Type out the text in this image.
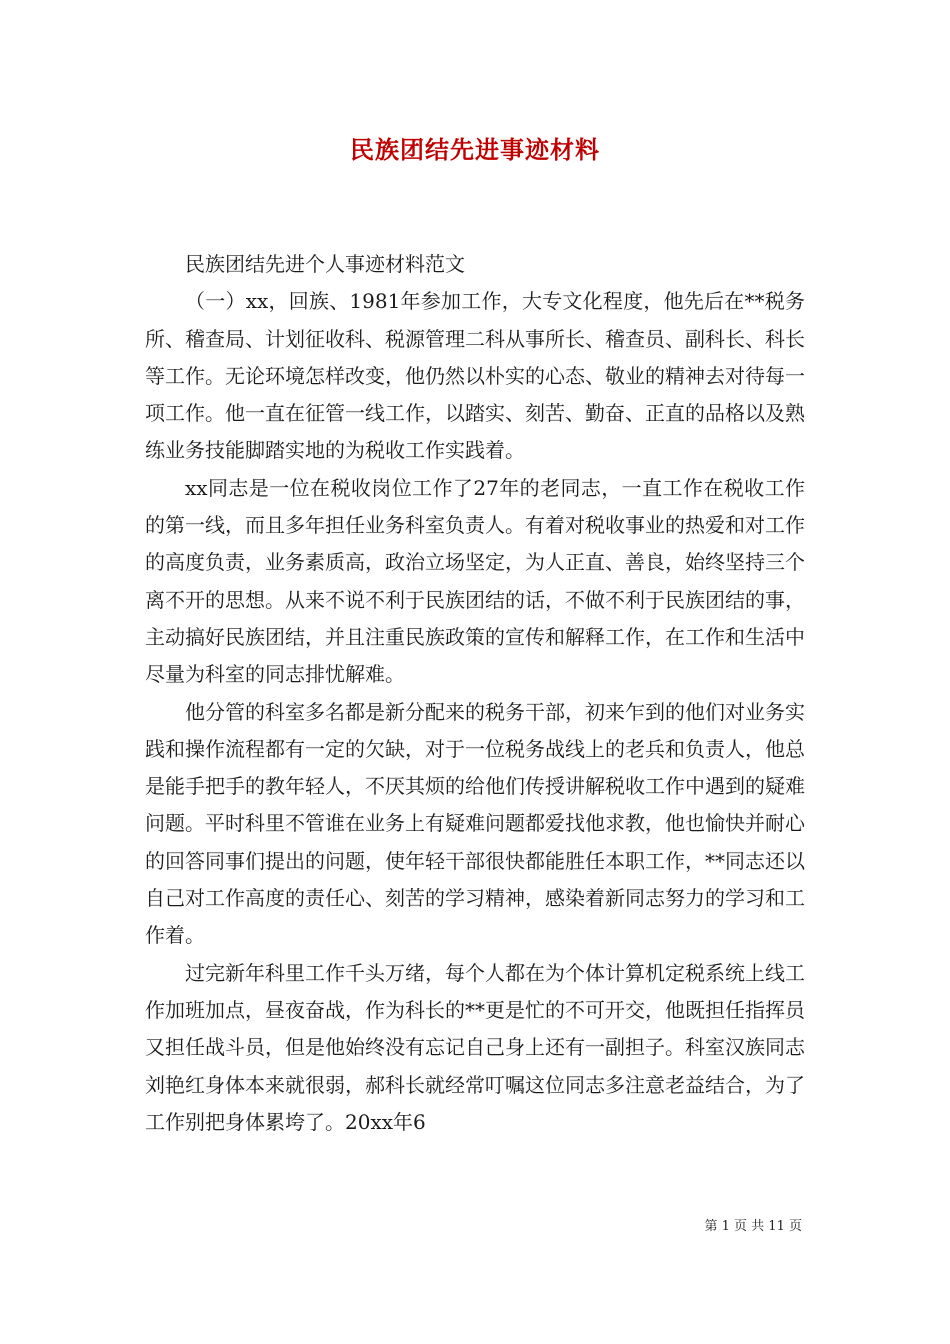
民族团结先进事迹材料

民族团结先进个人事迹材料范文

（一）xx，回族、1981年参加工作，大专文化程度，他先后在**税务所、稽查局、计划征收科、税源管理二科从事所长、稽查员、副科长、科长等工作。无论环境怎样改变，他仍然以朴实的心态、敬业的精神去对待每一项工作。他一直在征管一线工作，以踏实、刻苦、勤奋、正直的品格以及熟练业务技能脚踏实地的为税收工作实践着。

xx同志是一位在税收岗位工作了27年的老同志，一直工作在税收工作的第一线，而且多年担任业务科室负责人。有着对税收事业的热爱和对工作的高度负责，业务素质高，政治立场坚定，为人正直、善良，始终坚持三个离不开的思想。从来不说不利于民族团结的话，不做不利于民族团结的事，主动搞好民族团结，并且注重民族政策的宣传和解释工作，在工作和生活中尽量为科室的同志排忧解难。

他分管的科室多名都是新分配来的税务干部，初来乍到的他们对业务实践和操作流程都有一定的欠缺，对于一位税务战线上的老兵和负责人，他总是能手把手的教年轻人，不厌其烦的给他们传授讲解税收工作中遇到的疑难问题。平时科里不管谁在业务上有疑难问题都爱找他求教，他也愉快并耐心的回答同事们提出的问题，使年轻干部很快都能胜任本职工作，**同志还以自己对工作高度的责任心、刻苦的学习精神，感染着新同志努力的学习和工作着。

过完新年科里工作千头万绪，每个人都在为个体计算机定税系统上线工作加班加点，昼夜奋战，作为科长的**更是忙的不可开交，他既担任指挥员又担任战斗员，但是他始终没有忘记自己身上还有一副担子。科室汉族同志刘艳红身体本来就很弱，郝科长就经常叮嘱这位同志多注意老益结合，为了工作别把身体累垮了。20xx年6

第 1 页 共 11 页
